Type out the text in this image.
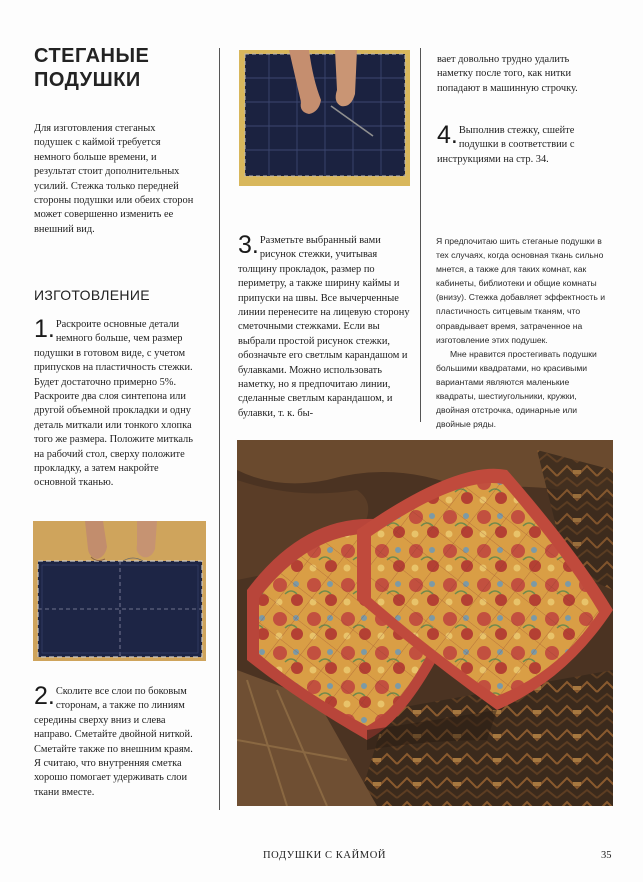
СТЕГАНЫЕ
ПОДУШКИ
Для изготовления стеганых подушек с каймой требуется немного больше времени, и результат стоит дополнительных усилий. Стежка только передней стороны подушки или обеих сторон может совершенно изменить ее внешний вид.
ИЗГОТОВЛЕНИЕ
1. Раскроите основные детали немного больше, чем размер подушки в готовом виде, с учетом припусков на пластичность стежки. Будет достаточно примерно 5%. Раскроите два слоя синтепона или другой объемной прокладки и одну деталь миткали или тонкого хлопка того же размера. Положите миткаль на рабочий стол, сверху положите прокладку, а затем накройте основной тканью.
2. Сколите все слои по боковым сторонам, а также по линиям середины сверху вниз и слева направо. Сметайте двойной ниткой. Сметайте также по внешним краям. Я считаю, что внутренняя сметка хорошо помогает удерживать слои ткани вместе.
3. Разметьте выбранный вами рисунок стежки, учитывая толщину прокладок, размер по периметру, а также ширину каймы и припуски на швы. Все вычерченные линии перенесите на лицевую сторону сметочными стежками. Если вы выбрали простой рисунок стежки, обозначьте его светлым карандашом и булавками. Можно использовать наметку, но я предпочитаю линии, сделанные светлым карандашом, и булавки, т. к. бы-
вает довольно трудно удалить наметку после того, как нитки попадают в машинную строчку.
4. Выполнив стежку, сшейте подушки в соответствии с инструкциями на стр. 34.

Я предпочитаю шить стеганые подушки в тех случаях, когда основная ткань сильно мнется, а также для таких комнат, как кабинеты, библиотеки и общие комнаты (внизу). Стежка добавляет эффектность и пластичность ситцевым тканям, что оправдывает время, затраченное на изготовление этих подушек.

Мне нравится простегивать подушки большими квадратами, но красивыми вариантами являются маленькие квадраты, шестиугольники, кружки, двойная отстрочка, одинарные или двойные ряды.

ПОДУШКИ С КАЙМОЙ	35
